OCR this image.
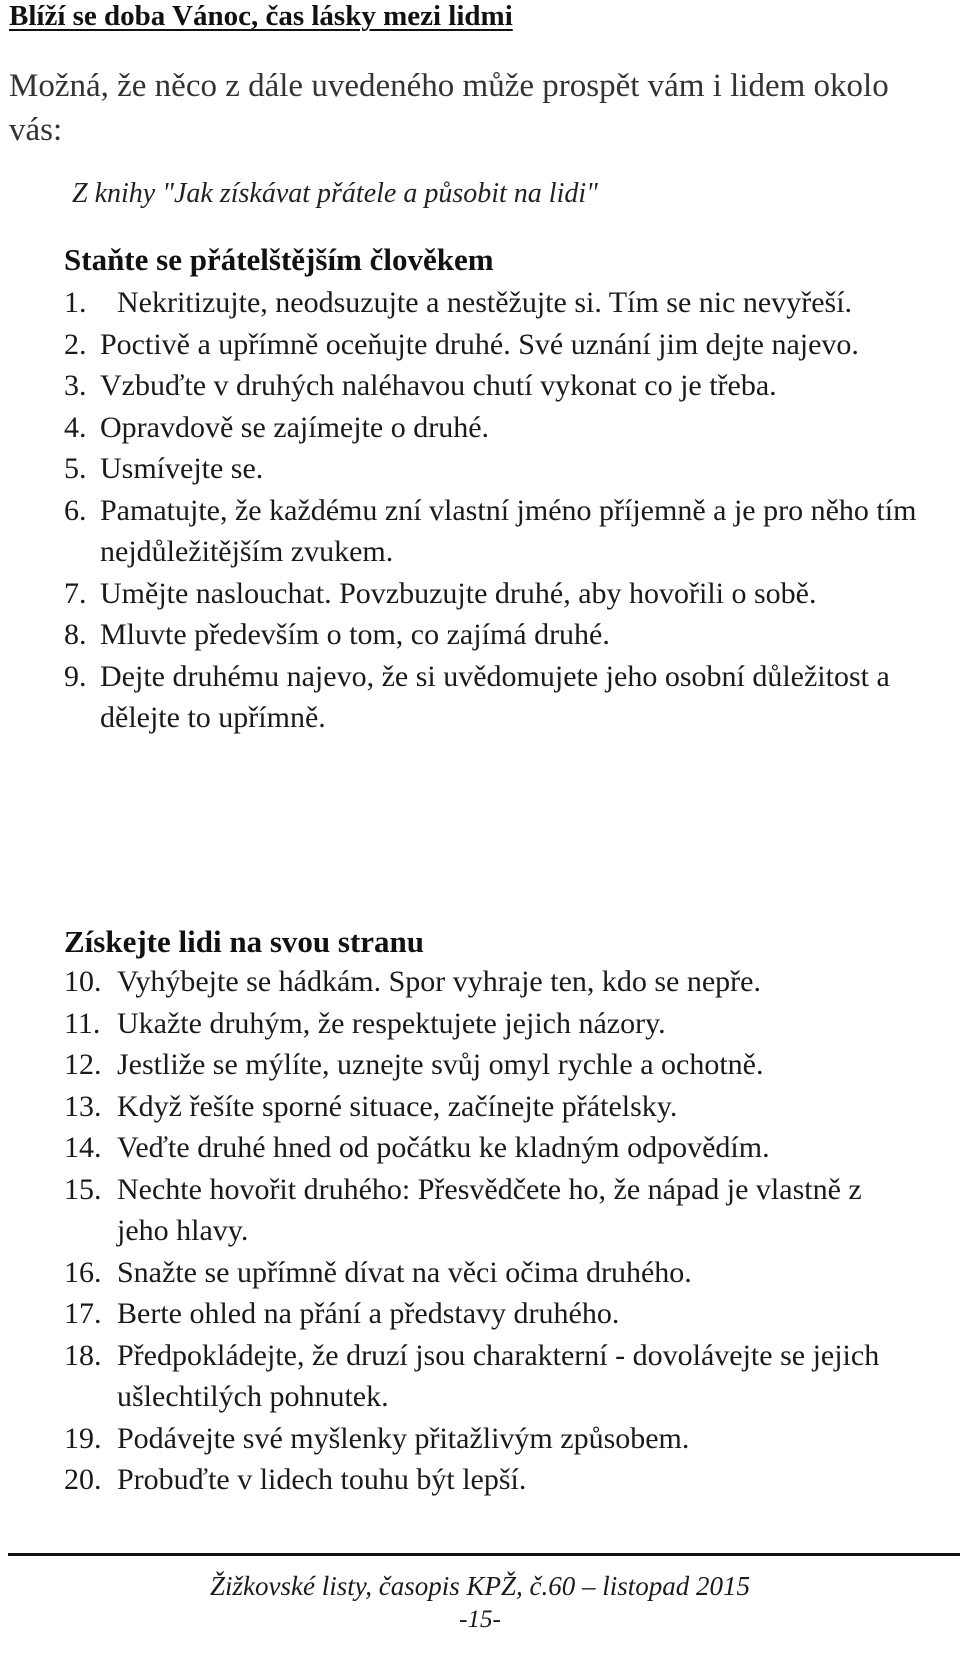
Blíží se doba Vánoc, čas lásky mezi lidmi
Možná, že něco z dále uvedeného může prospět vám i lidem okolo vás:
Z knihy "Jak získávat přátele a působit na lidi"
Staňte se přátelštějším člověkem
1. Nekritizujte, neodsuzujte a nestěžujte si. Tím se nic nevyřeší.
2. Poctivě a upřímně oceňujte druhé. Své uznání jim dejte najevo.
3. Vzbuďte v druhých naléhavou chutí vykonat co je třeba.
4. Opravdově se zajímejte o druhé.
5. Usmívejte se.
6. Pamatujte, že každému zní vlastní jméno příjemně a je pro něho tím nejdůležitějším zvukem.
7. Umějte naslouchat. Povzbuzujte druhé, aby hovořili o sobě.
8. Mluvte především o tom, co zajímá druhé.
9. Dejte druhému najevo, že si uvědomujete jeho osobní důležitost a dělejte to upřímně.
Získejte lidi na svou stranu
10. Vyhýbejte se hádkám. Spor vyhraje ten, kdo se nepře.
11. Ukažte druhým, že respektujete jejich názory.
12. Jestliže se mýlíte, uznejte svůj omyl rychle a ochotně.
13. Když řešíte sporné situace, začínejte přátelsky.
14. Veďte druhé hned od počátku ke kladným odpovědím.
15. Nechte hovořit druhého: Přesvědčete ho, že nápad je vlastně z jeho hlavy.
16. Snažte se upřímně dívat na věci očima druhého.
17. Berte ohled na přání a představy druhého.
18. Předpokládejte, že druzí jsou charakterní - dovolávejte se jejich ušlechtilých pohnutek.
19. Podávejte své myšlenky přitažlivým způsobem.
20. Probuďte v lidech touhu být lepší.
Žižkovské listy, časopis KPŽ, č.60 – listopad 2015
-15-
